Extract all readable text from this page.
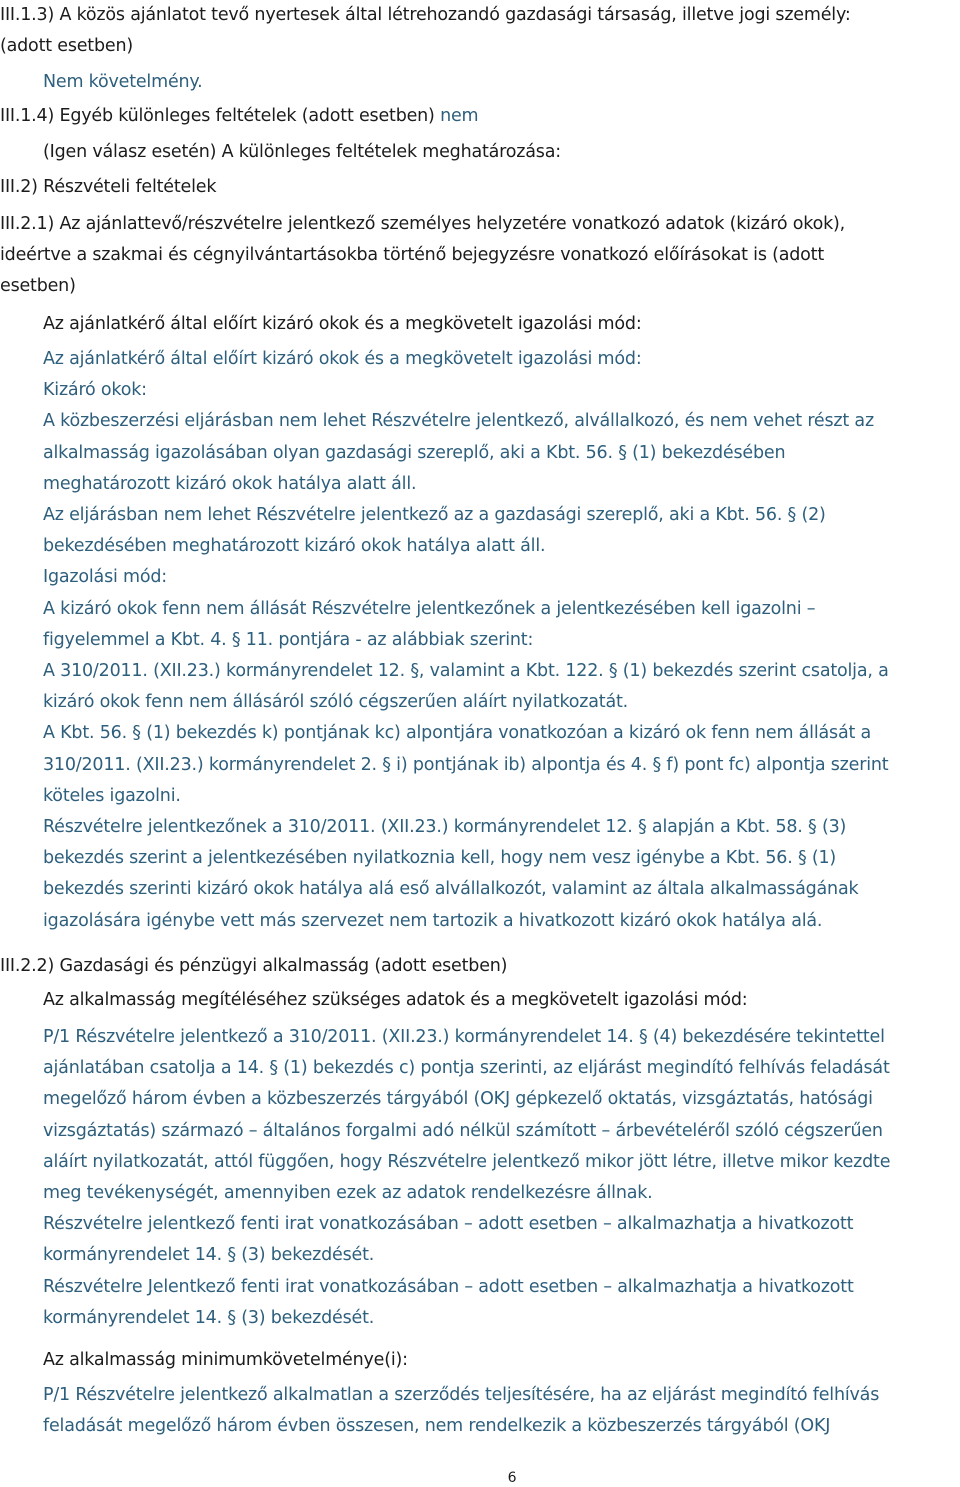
III.1.3) A közös ajánlatot tevő nyertesek által létrehozandó gazdasági társaság, illetve jogi személy:
(adott esetben)
Nem követelmény.
III.1.4) Egyéb különleges feltételek (adott esetben) nem
(Igen válasz esetén) A különleges feltételek meghatározása:
III.2) Részvételi feltételek
III.2.1) Az ajánlattevő/részvételre jelentkező személyes helyzetére vonatkozó adatok (kizáró okok),
ideértve a szakmai és cégnyilvántartásokba történő bejegyzésre vonatkozó előírásokat is (adott
esetben)
Az ajánlatkérő által előírt kizáró okok és a megkövetelt igazolási mód:
Az ajánlatkérő által előírt kizáró okok és a megkövetelt igazolási mód:
Kizáró okok:
A közbeszerzési eljárásban nem lehet Részvételre jelentkező, alvállalkozó, és nem vehet részt az
alkalmasság igazolásában olyan gazdasági szereplő, aki a Kbt. 56. § (1) bekezdésében
meghatározott kizáró okok hatálya alatt áll.
Az eljárásban nem lehet Részvételre jelentkező az a gazdasági szereplő, aki a Kbt. 56. § (2)
bekezdésében meghatározott kizáró okok hatálya alatt áll.
Igazolási mód:
A kizáró okok fenn nem állását Részvételre jelentkezőnek a jelentkezésében kell igazolni –
figyelemmel a Kbt. 4. § 11. pontjára - az alábbiak szerint:
A 310/2011. (XII.23.) kormányrendelet 12. §, valamint a Kbt. 122. § (1) bekezdés szerint csatolja, a
kizáró okok fenn nem állásáról szóló cégszerűen aláírt nyilatkozatát.
A Kbt. 56. § (1) bekezdés k) pontjának kc) alpontjára vonatkozóan a kizáró ok fenn nem állását a
310/2011. (XII.23.) kormányrendelet 2. § i) pontjának ib) alpontja és 4. § f) pont fc) alpontja szerint
köteles igazolni.
Részvételre jelentkezőnek a 310/2011. (XII.23.) kormányrendelet 12. § alapján a Kbt. 58. § (3)
bekezdés szerint a jelentkezésében nyilatkoznia kell, hogy nem vesz igénybe a Kbt. 56. § (1)
bekezdés szerinti kizáró okok hatálya alá eső alvállalkozót, valamint az általa alkalmasságának
igazolására igénybe vett más szervezet nem tartozik a hivatkozott kizáró okok hatálya alá.
III.2.2) Gazdasági és pénzügyi alkalmasság (adott esetben)
Az alkalmasság megítéléséhez szükséges adatok és a megkövetelt igazolási mód:
P/1 Részvételre jelentkező a 310/2011. (XII.23.) kormányrendelet 14. § (4) bekezdésére tekintettel
ajánlatában csatolja a 14. § (1) bekezdés c) pontja szerinti, az eljárást megindító felhívás feladását
megelőző három évben a közbeszerzés tárgyából (OKJ gépkezelő oktatás, vizsgáztatás, hatósági
vizsgáztatás) származó – általános forgalmi adó nélkül számított – árbevételéről szóló cégszerűen
aláírt nyilatkozatát, attól függően, hogy Részvételre jelentkező mikor jött létre, illetve mikor kezdte
meg tevékenységét, amennyiben ezek az adatok rendelkezésre állnak.
Részvételre jelentkező fenti irat vonatkozásában – adott esetben – alkalmazhatja a hivatkozott
kormányrendelet 14. § (3) bekezdését.
Részvételre Jelentkező fenti irat vonatkozásában – adott esetben – alkalmazhatja a hivatkozott
kormányrendelet 14. § (3) bekezdését.
Az alkalmasság minimumkövetelménye(i):
P/1 Részvételre jelentkező alkalmatlan a szerződés teljesítésére, ha az eljárást megindító felhívás
feladását megelőző három évben összesen, nem rendelkezik a közbeszerzés tárgyából (OKJ
6
